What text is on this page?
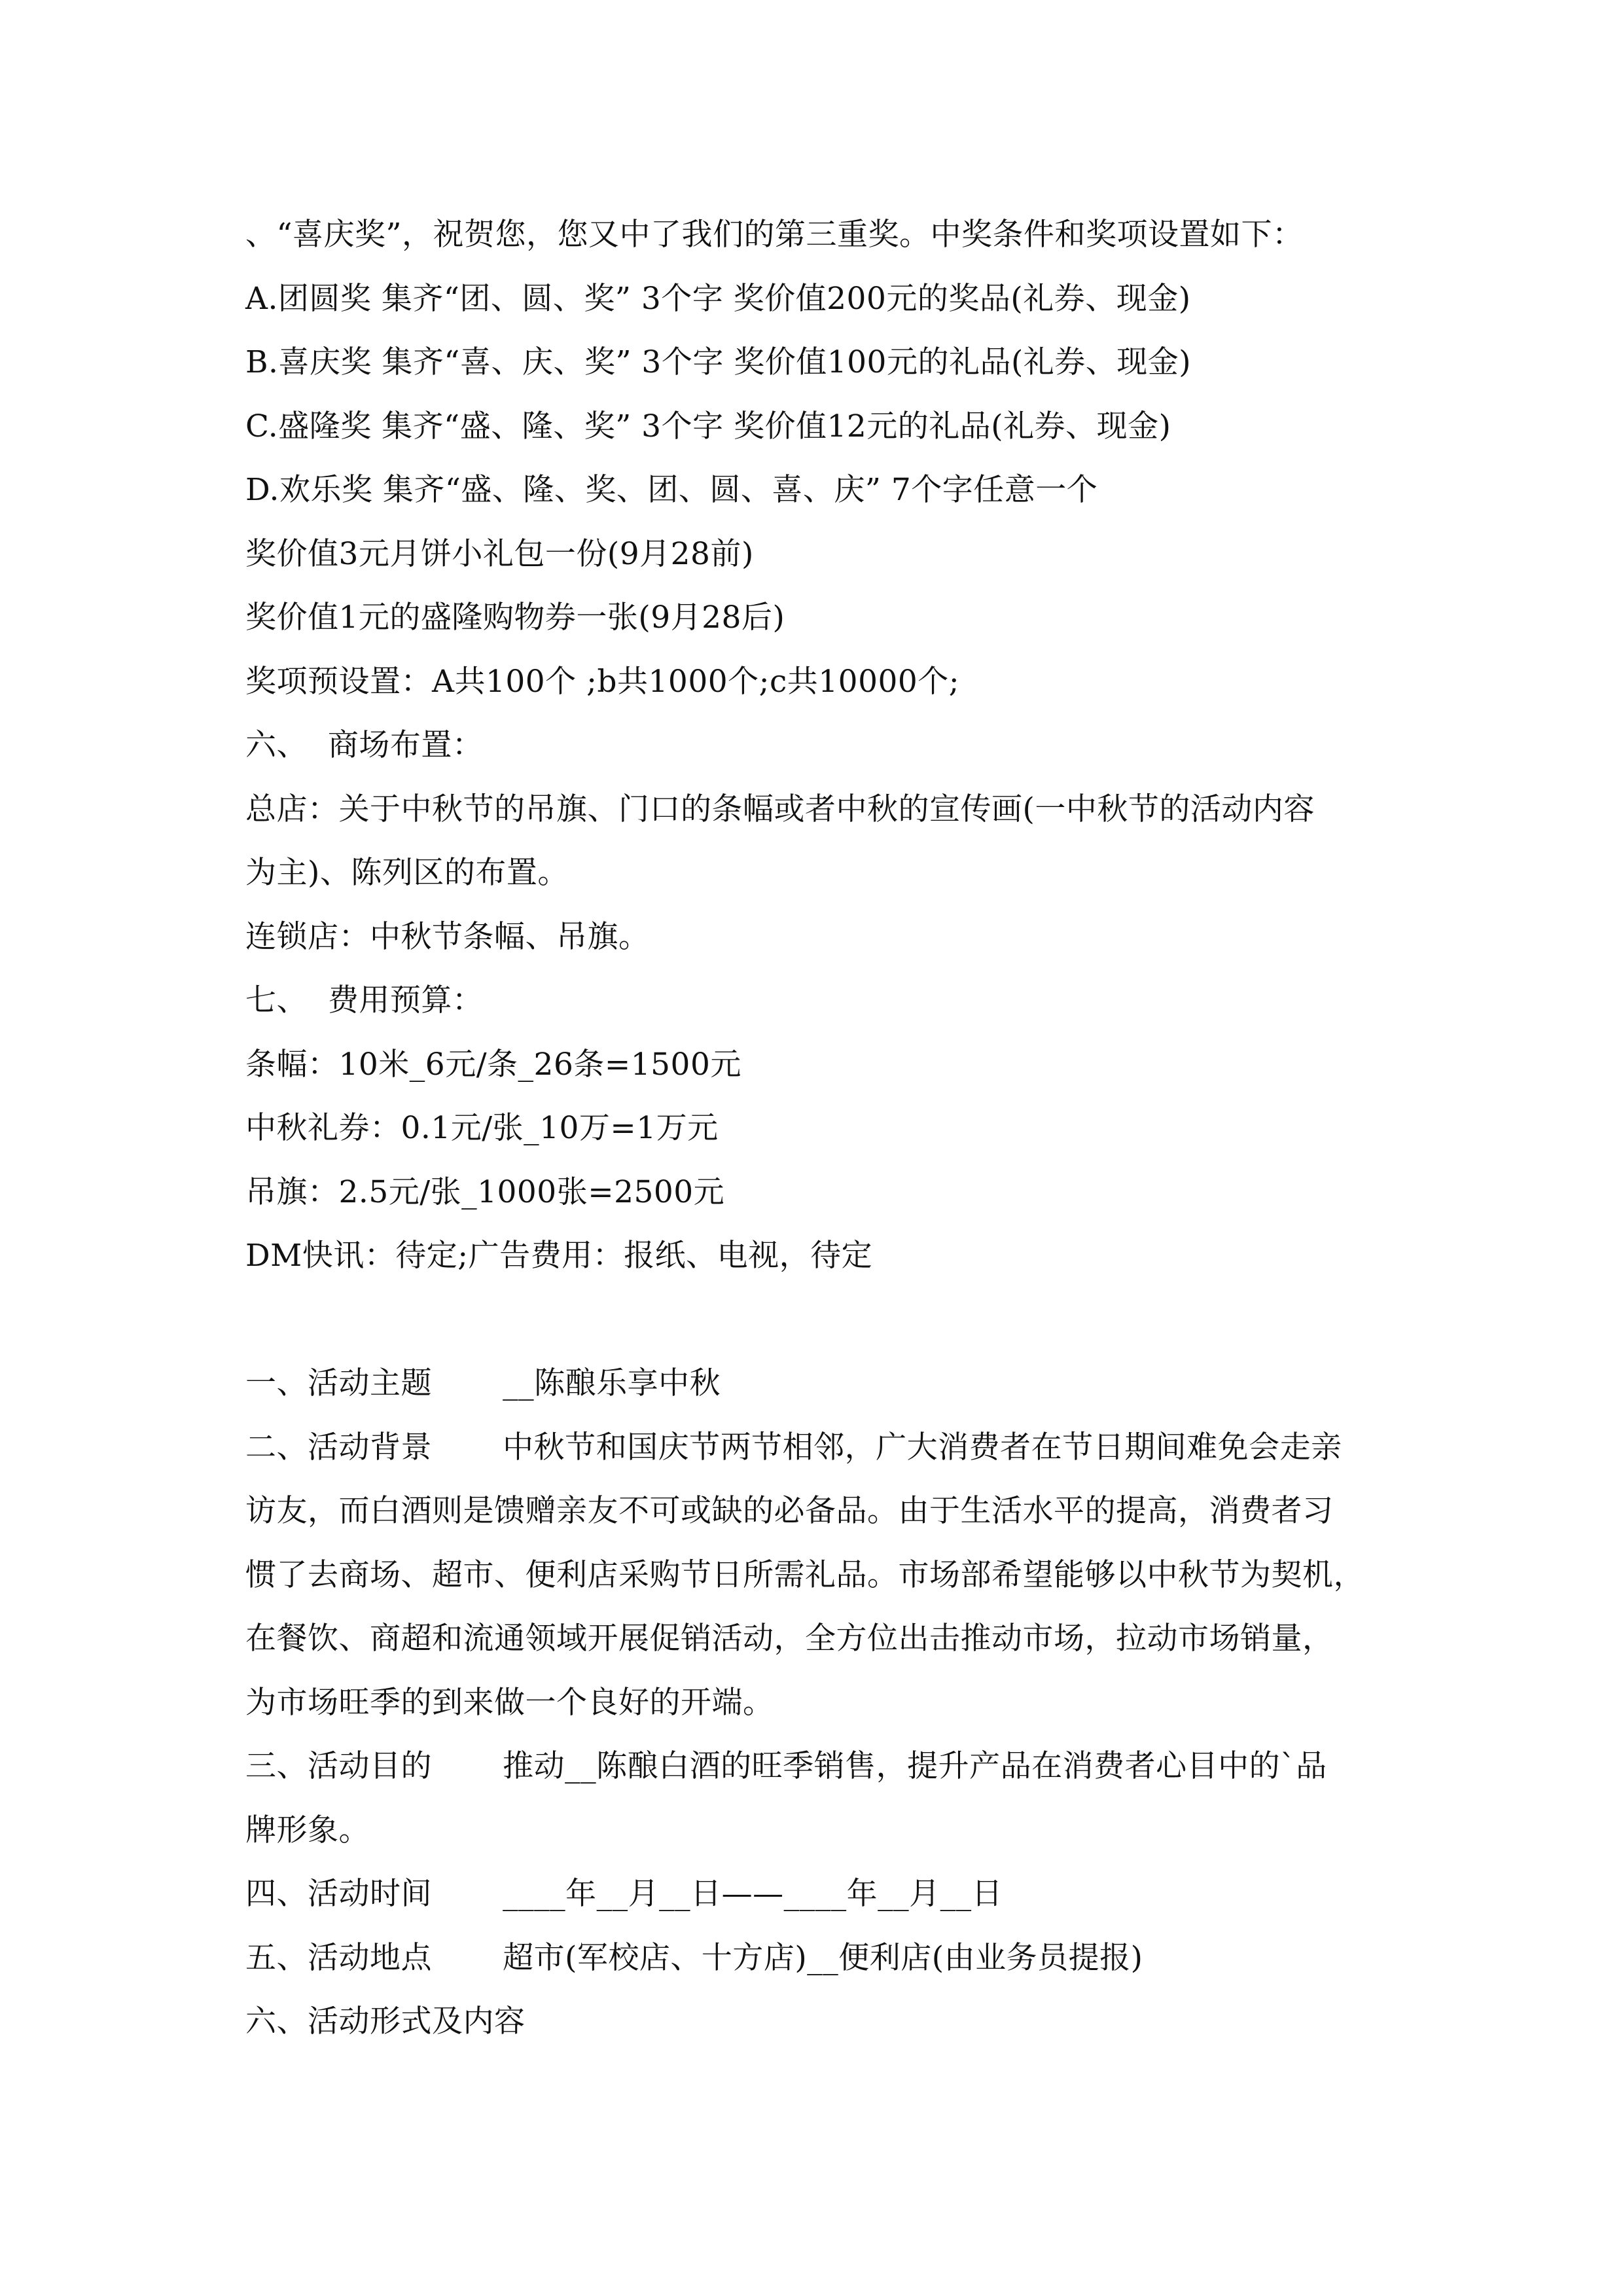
、“喜庆奖”，祝贺您，您又中了我们的第三重奖。中奖条件和奖项设置如下：
A.团圆奖 集齐“团、圆、奖” 3个字 奖价值200元的奖品(礼券、现金)
B.喜庆奖 集齐“喜、庆、奖” 3个字 奖价值100元的礼品(礼券、现金)
C.盛隆奖 集齐“盛、隆、奖” 3个字 奖价值12元的礼品(礼券、现金)
D.欢乐奖 集齐“盛、隆、奖、团、圆、喜、庆” 7个字任意一个
奖价值3元月饼小礼包一份(9月28前)
奖价值1元的盛隆购物券一张(9月28后)
奖项预设置：A共100个 ;b共1000个;c共10000个;
六、  商场布置：
总店：关于中秋节的吊旗、门口的条幅或者中秋的宣传画(一中秋节的活动内容
为主)、陈列区的布置。
连锁店：中秋节条幅、吊旗。
七、  费用预算：
条幅：10米_6元/条_26条=1500元
中秋礼券：0.1元/张_10万=1万元
吊旗：2.5元/张_1000张=2500元
DM快讯：待定;广告费用：报纸、电视，待定
一、活动主题       __陈酿乐享中秋
二、活动背景       中秋节和国庆节两节相邻，广大消费者在节日期间难免会走亲
访友，而白酒则是馈赠亲友不可或缺的必备品。由于生活水平的提高，消费者习
惯了去商场、超市、便利店采购节日所需礼品。市场部希望能够以中秋节为契机，
在餐饮、商超和流通领域开展促销活动，全方位出击推动市场，拉动市场销量，
为市场旺季的到来做一个良好的开端。
三、活动目的       推动__陈酿白酒的旺季销售，提升产品在消费者心目中的`品
牌形象。
四、活动时间       ____年__月__日——____年__月__日
五、活动地点       超市(军校店、十方店)__便利店(由业务员提报)
六、活动形式及内容
